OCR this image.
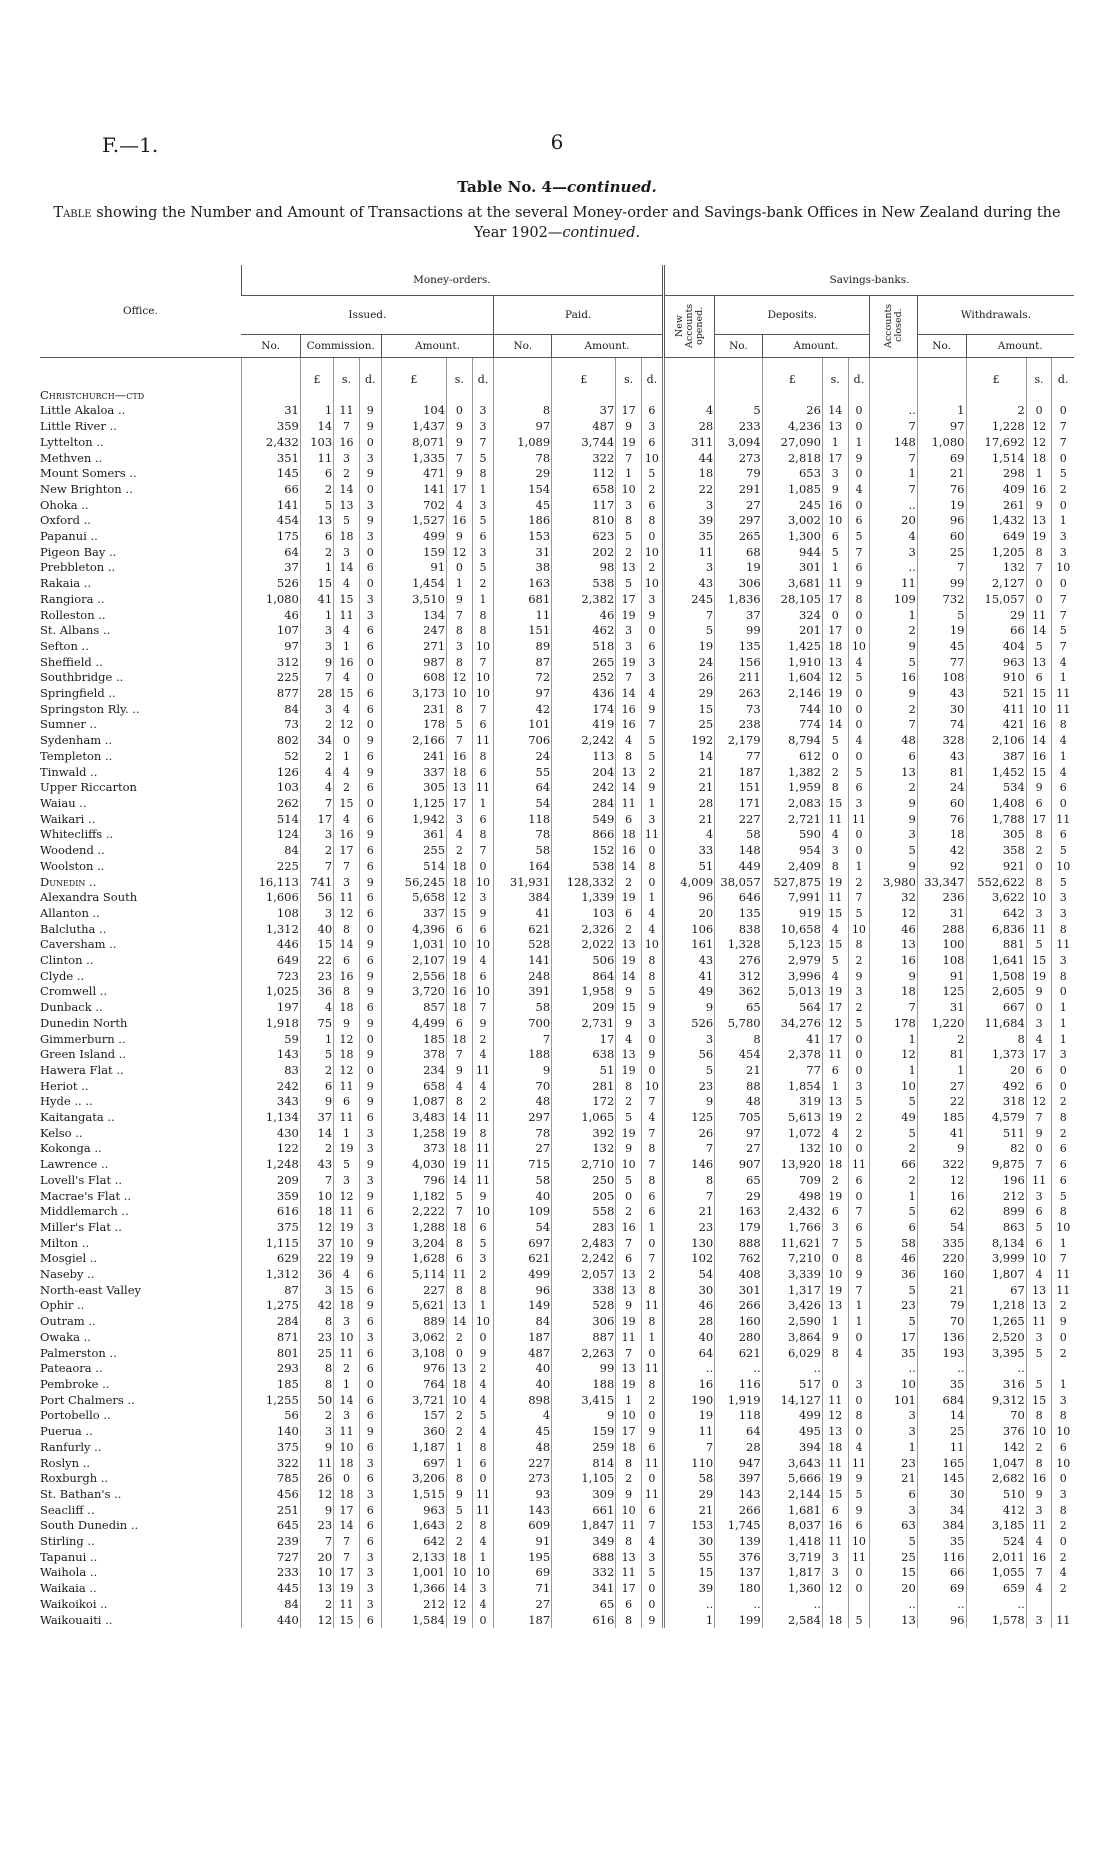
F.—1.	6
Table No. 4—continued.
Table showing the Number and Amount of Transactions at the several Money-order and Savings-bank Offices in New Zealand during the Year 1902—continued.
Office.	Money-orders.											Savings-banks.									
	Issued.							Paid.				New Accounts opened.	Deposits.				Accounts closed.	Withdrawals.			
	No.	Commission.			Amount.			No.	Amount.				No.	Amount.				No.	Amount.		

		£	s.	d.	£	s.	d.		£	s.	d.			£	s.	d.			£	s.	d.
Christchurch—ctd																					
Little Akaloa ..	31	1	11	9	104	0	3	8	37	17	6	4	5	26	14	0	..	1	2	0	0
Little River ..	359	14	7	9	1,437	9	3	97	487	9	3	28	233	4,236	13	0	7	97	1,228	12	7
Lyttelton ..	2,432	103	16	0	8,071	9	7	1,089	3,744	19	6	311	3,094	27,090	1	1	148	1,080	17,692	12	7
Methven ..	351	11	3	3	1,335	7	5	78	322	7	10	44	273	2,818	17	9	7	69	1,514	18	0
Mount Somers ..	145	6	2	9	471	9	8	29	112	1	5	18	79	653	3	0	1	21	298	1	5
New Brighton ..	66	2	14	0	141	17	1	154	658	10	2	22	291	1,085	9	4	7	76	409	16	2
Ohoka ..	141	5	13	3	702	4	3	45	117	3	6	3	27	245	16	0	..	19	261	9	0
Oxford ..	454	13	5	9	1,527	16	5	186	810	8	8	39	297	3,002	10	6	20	96	1,432	13	1
Papanui ..	175	6	18	3	499	9	6	153	623	5	0	35	265	1,300	6	5	4	60	649	19	3
Pigeon Bay ..	64	2	3	0	159	12	3	31	202	2	10	11	68	944	5	7	3	25	1,205	8	3
Prebbleton ..	37	1	14	6	91	0	5	38	98	13	2	3	19	301	1	6	..	7	132	7	10
Rakaia ..	526	15	4	0	1,454	1	2	163	538	5	10	43	306	3,681	11	9	11	99	2,127	0	0
Rangiora ..	1,080	41	15	3	3,510	9	1	681	2,382	17	3	245	1,836	28,105	17	8	109	732	15,057	0	7
Rolleston ..	46	1	11	3	134	7	8	11	46	19	9	7	37	324	0	0	1	5	29	11	7
St. Albans ..	107	3	4	6	247	8	8	151	462	3	0	5	99	201	17	0	2	19	66	14	5
Sefton ..	97	3	1	6	271	3	10	89	518	3	6	19	135	1,425	18	10	9	45	404	5	7
Sheffield ..	312	9	16	0	987	8	7	87	265	19	3	24	156	1,910	13	4	5	77	963	13	4
Southbridge ..	225	7	4	0	608	12	10	72	252	7	3	26	211	1,604	12	5	16	108	910	6	1
Springfield ..	877	28	15	6	3,173	10	10	97	436	14	4	29	263	2,146	19	0	9	43	521	15	11
Springston Rly. ..	84	3	4	6	231	8	7	42	174	16	9	15	73	744	10	0	2	30	411	10	11
Sumner ..	73	2	12	0	178	5	6	101	419	16	7	25	238	774	14	0	7	74	421	16	8
Sydenham ..	802	34	0	9	2,166	7	11	706	2,242	4	5	192	2,179	8,794	5	4	48	328	2,106	14	4
Templeton ..	52	2	1	6	241	16	8	24	113	8	5	14	77	612	0	0	6	43	387	16	1
Tinwald ..	126	4	4	9	337	18	6	55	204	13	2	21	187	1,382	2	5	13	81	1,452	15	4
Upper Riccarton	103	4	2	6	305	13	11	64	242	14	9	21	151	1,959	8	6	2	24	534	9	6
Waiau ..	262	7	15	0	1,125	17	1	54	284	11	1	28	171	2,083	15	3	9	60	1,408	6	0
Waikari ..	514	17	4	6	1,942	3	6	118	549	6	3	21	227	2,721	11	11	9	76	1,788	17	11
Whitecliffs ..	124	3	16	9	361	4	8	78	866	18	11	4	58	590	4	0	3	18	305	8	6
Woodend ..	84	2	17	6	255	2	7	58	152	16	0	33	148	954	3	0	5	42	358	2	5
Woolston ..	225	7	7	6	514	18	0	164	538	14	8	51	449	2,409	8	1	9	92	921	0	10
Dunedin ..	16,113	741	3	9	56,245	18	10	31,931	128,332	2	0	4,009	38,057	527,875	19	2	3,980	33,347	552,622	8	5
Alexandra South	1,606	56	11	6	5,658	12	3	384	1,339	19	1	96	646	7,991	11	7	32	236	3,622	10	3
Allanton ..	108	3	12	6	337	15	9	41	103	6	4	20	135	919	15	5	12	31	642	3	3
Balclutha ..	1,312	40	8	0	4,396	6	6	621	2,326	2	4	106	838	10,658	4	10	46	288	6,836	11	8
Caversham ..	446	15	14	9	1,031	10	10	528	2,022	13	10	161	1,328	5,123	15	8	13	100	881	5	11
Clinton ..	649	22	6	6	2,107	19	4	141	506	19	8	43	276	2,979	5	2	16	108	1,641	15	3
Clyde ..	723	23	16	9	2,556	18	6	248	864	14	8	41	312	3,996	4	9	9	91	1,508	19	8
Cromwell ..	1,025	36	8	9	3,720	16	10	391	1,958	9	5	49	362	5,013	19	3	18	125	2,605	9	0
Dunback ..	197	4	18	6	857	18	7	58	209	15	9	9	65	564	17	2	7	31	667	0	1
Dunedin North	1,918	75	9	9	4,499	6	9	700	2,731	9	3	526	5,780	34,276	12	5	178	1,220	11,684	3	1
Gimmerburn ..	59	1	12	0	185	18	2	7	17	4	0	3	8	41	17	0	1	2	8	4	1
Green Island ..	143	5	18	9	378	7	4	188	638	13	9	56	454	2,378	11	0	12	81	1,373	17	3
Hawera Flat ..	83	2	12	0	234	9	11	9	51	19	0	5	21	77	6	0	1	1	20	6	0
Heriot ..	242	6	11	9	658	4	4	70	281	8	10	23	88	1,854	1	3	10	27	492	6	0
Hyde .. ..	343	9	6	9	1,087	8	2	48	172	2	7	9	48	319	13	5	5	22	318	12	2
Kaitangata ..	1,134	37	11	6	3,483	14	11	297	1,065	5	4	125	705	5,613	19	2	49	185	4,579	7	8
Kelso ..	430	14	1	3	1,258	19	8	78	392	19	7	26	97	1,072	4	2	5	41	511	9	2
Kokonga ..	122	2	19	3	373	18	11	27	132	9	8	7	27	132	10	0	2	9	82	0	6
Lawrence ..	1,248	43	5	9	4,030	19	11	715	2,710	10	7	146	907	13,920	18	11	66	322	9,875	7	6
Lovell's Flat ..	209	7	3	3	796	14	11	58	250	5	8	8	65	709	2	6	2	12	196	11	6
Macrae's Flat ..	359	10	12	9	1,182	5	9	40	205	0	6	7	29	498	19	0	1	16	212	3	5
Middlemarch ..	616	18	11	6	2,222	7	10	109	558	2	6	21	163	2,432	6	7	5	62	899	6	8
Miller's Flat ..	375	12	19	3	1,288	18	6	54	283	16	1	23	179	1,766	3	6	6	54	863	5	10
Milton ..	1,115	37	10	9	3,204	8	5	697	2,483	7	0	130	888	11,621	7	5	58	335	8,134	6	1
Mosgiel ..	629	22	19	9	1,628	6	3	621	2,242	6	7	102	762	7,210	0	8	46	220	3,999	10	7
Naseby ..	1,312	36	4	6	5,114	11	2	499	2,057	13	2	54	408	3,339	10	9	36	160	1,807	4	11
North-east Valley	87	3	15	6	227	8	8	96	338	13	8	30	301	1,317	19	7	5	21	67	13	11
Ophir ..	1,275	42	18	9	5,621	13	1	149	528	9	11	46	266	3,426	13	1	23	79	1,218	13	2
Outram ..	284	8	3	6	889	14	10	84	306	19	8	28	160	2,590	1	1	5	70	1,265	11	9
Owaka ..	871	23	10	3	3,062	2	0	187	887	11	1	40	280	3,864	9	0	17	136	2,520	3	0
Palmerston ..	801	25	11	6	3,108	0	9	487	2,263	7	0	64	621	6,029	8	4	35	193	3,395	5	2
Pateaora ..	293	8	2	6	976	13	2	40	99	13	11	..	..	..			..	..	..		
Pembroke ..	185	8	1	0	764	18	4	40	188	19	8	16	116	517	0	3	10	35	316	5	1
Port Chalmers ..	1,255	50	14	6	3,721	10	4	898	3,415	1	2	190	1,919	14,127	11	0	101	684	9,312	15	3
Portobello ..	56	2	3	6	157	2	5	4	9	10	0	19	118	499	12	8	3	14	70	8	8
Puerua ..	140	3	11	9	360	2	4	45	159	17	9	11	64	495	13	0	3	25	376	10	10
Ranfurly ..	375	9	10	6	1,187	1	8	48	259	18	6	7	28	394	18	4	1	11	142	2	6
Roslyn ..	322	11	18	3	697	1	6	227	814	8	11	110	947	3,643	11	11	23	165	1,047	8	10
Roxburgh ..	785	26	0	6	3,206	8	0	273	1,105	2	0	58	397	5,666	19	9	21	145	2,682	16	0
St. Bathan's ..	456	12	18	3	1,515	9	11	93	309	9	11	29	143	2,144	15	5	6	30	510	9	3
Seacliff ..	251	9	17	6	963	5	11	143	661	10	6	21	266	1,681	6	9	3	34	412	3	8
South Dunedin ..	645	23	14	6	1,643	2	8	609	1,847	11	7	153	1,745	8,037	16	6	63	384	3,185	11	2
Stirling ..	239	7	7	6	642	2	4	91	349	8	4	30	139	1,418	11	10	5	35	524	4	0
Tapanui ..	727	20	7	3	2,133	18	1	195	688	13	3	55	376	3,719	3	11	25	116	2,011	16	2
Waihola ..	233	10	17	3	1,001	10	10	69	332	11	5	15	137	1,817	3	0	15	66	1,055	7	4
Waikaia ..	445	13	19	3	1,366	14	3	71	341	17	0	39	180	1,360	12	0	20	69	659	4	2
Waikoikoi ..	84	2	11	3	212	12	4	27	65	6	0	..	..	..			..	..	..		
Waikouaiti ..	440	12	15	6	1,584	19	0	187	616	8	9	1	199	2,584	18	5	13	96	1,578	3	11
